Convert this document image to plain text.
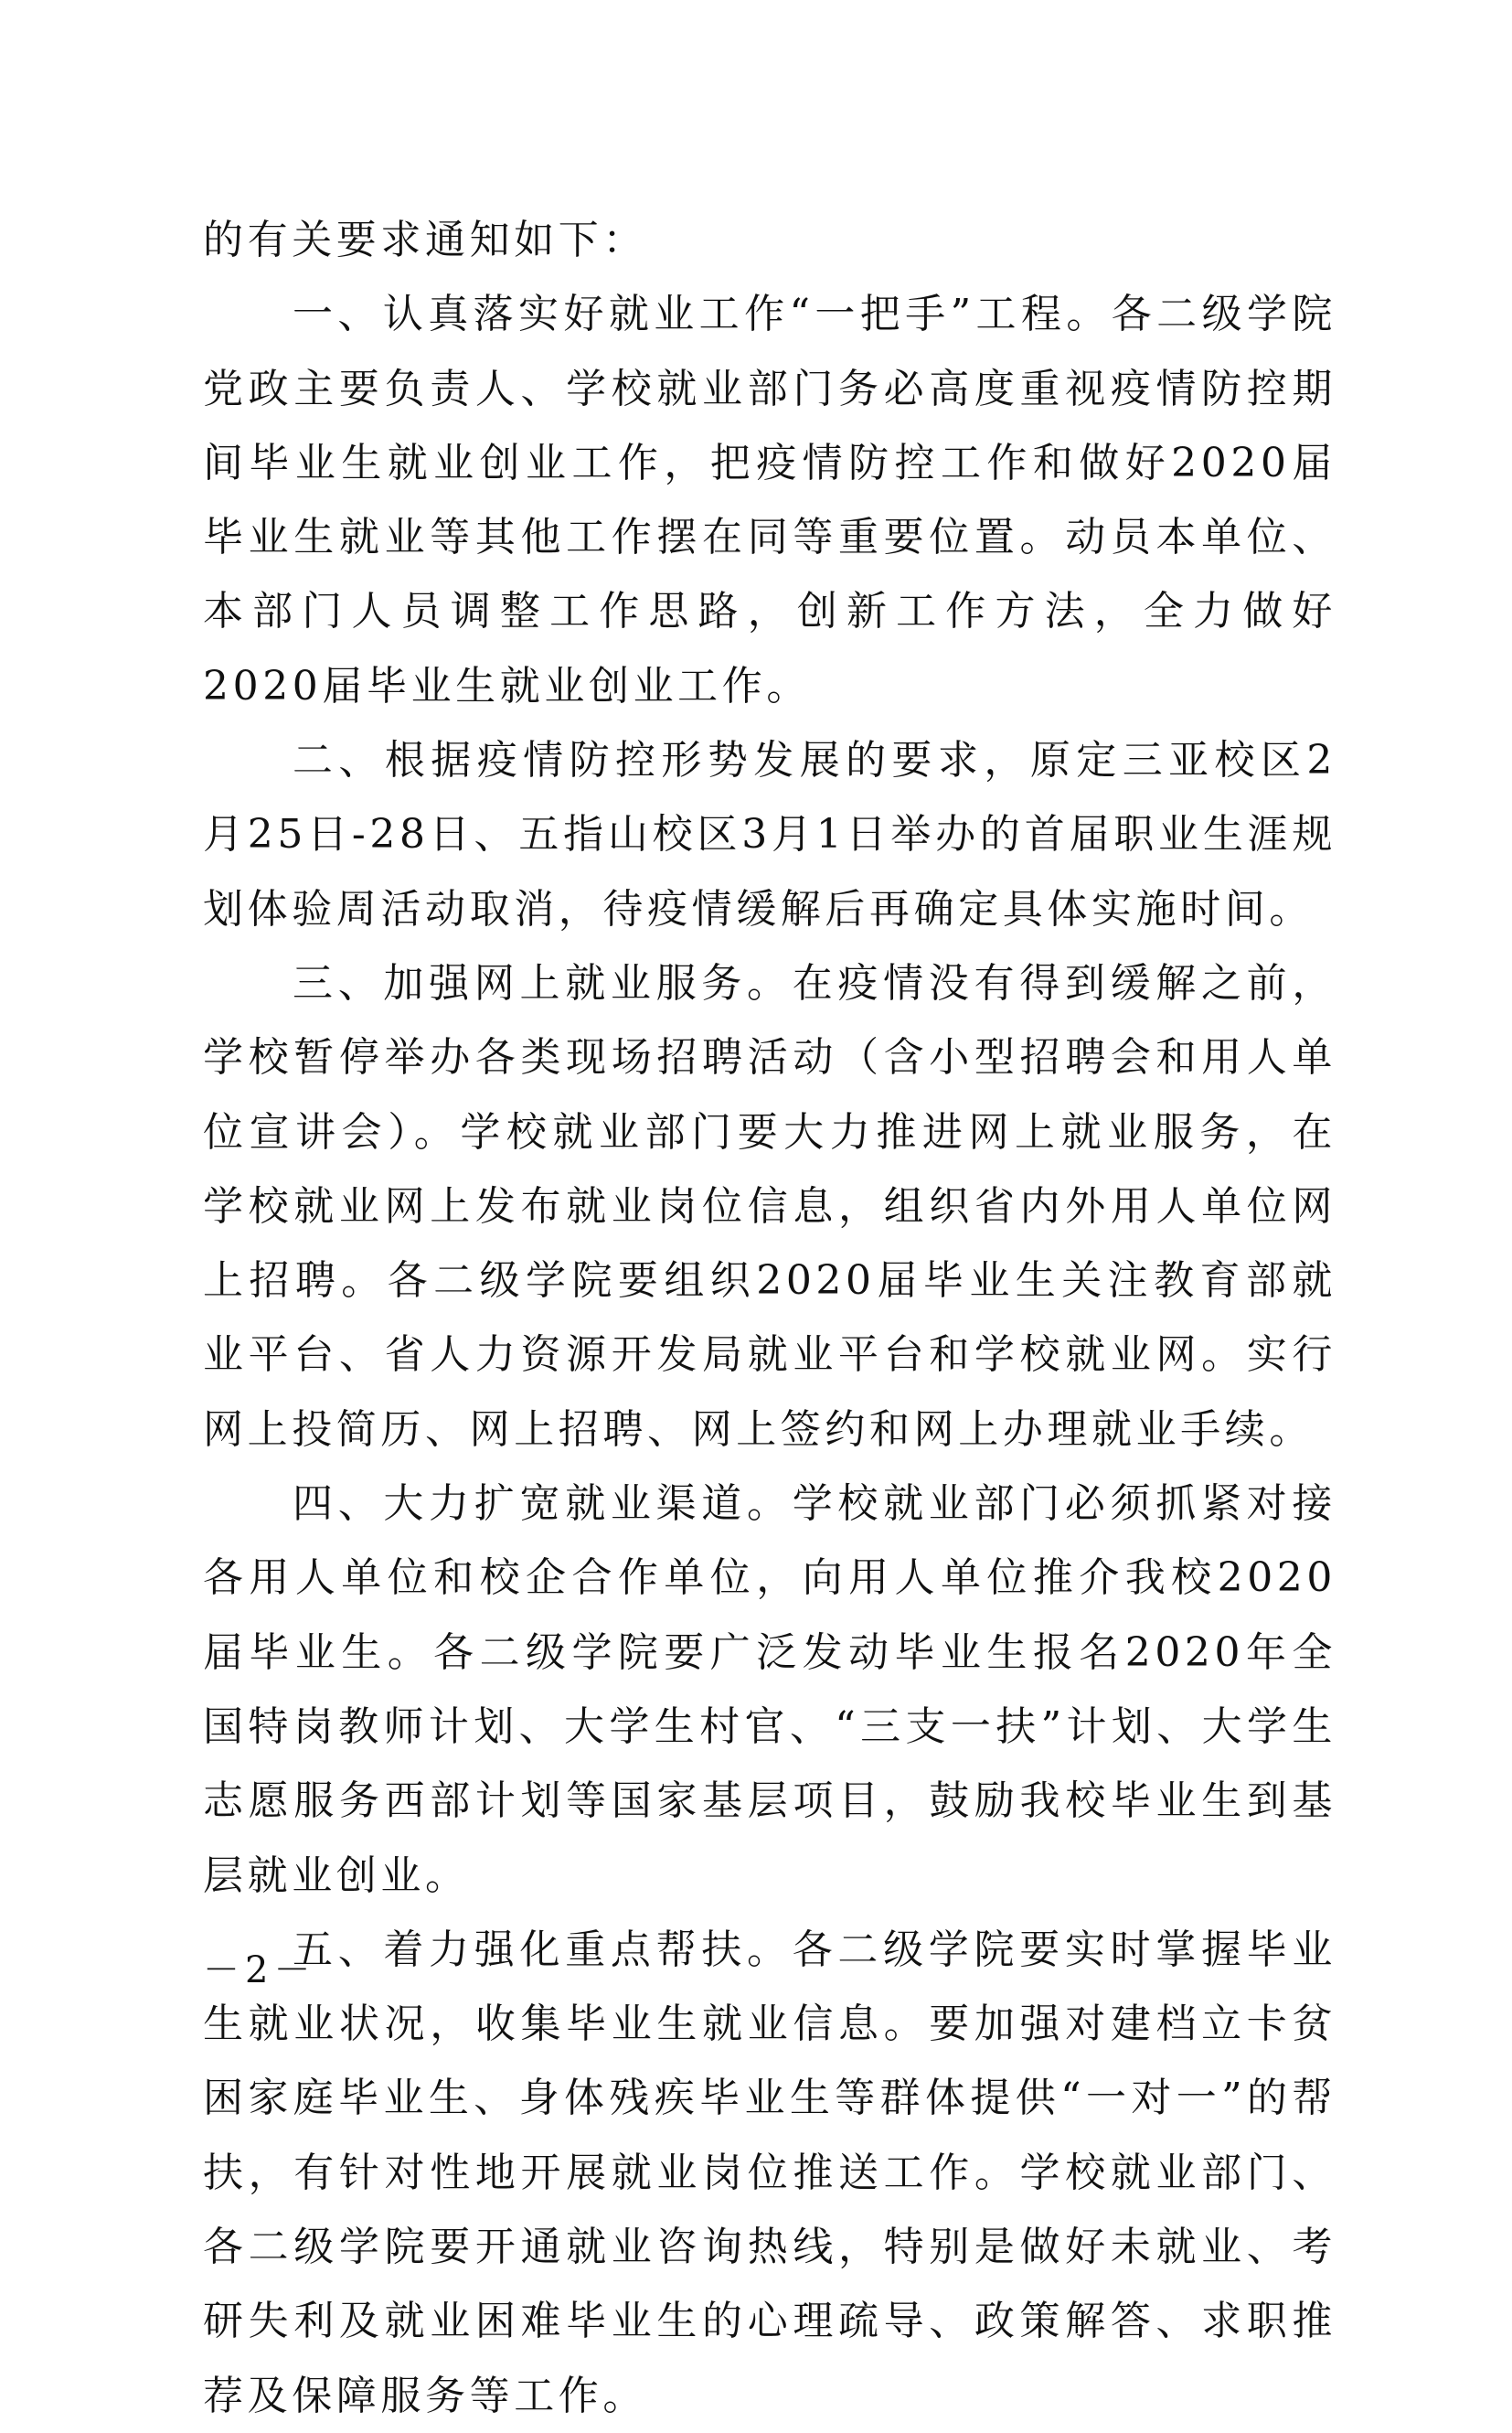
的有关要求通知如下：

一、认真落实好就业工作“一把手”工程。各二级学院党政主要负责人、学校就业部门务必高度重视疫情防控期间毕业生就业创业工作，把疫情防控工作和做好2020届毕业生就业等其他工作摆在同等重要位置。动员本单位、本部门人员调整工作思路，创新工作方法，全力做好2020届毕业生就业创业工作。

二、根据疫情防控形势发展的要求，原定三亚校区2月25日-28日、五指山校区3月1日举办的首届职业生涯规划体验周活动取消，待疫情缓解后再确定具体实施时间。

三、加强网上就业服务。在疫情没有得到缓解之前，学校暂停举办各类现场招聘活动（含小型招聘会和用人单位宣讲会）。学校就业部门要大力推进网上就业服务，在学校就业网上发布就业岗位信息，组织省内外用人单位网上招聘。各二级学院要组织2020届毕业生关注教育部就业平台、省人力资源开发局就业平台和学校就业网。实行网上投简历、网上招聘、网上签约和网上办理就业手续。

四、大力扩宽就业渠道。学校就业部门必须抓紧对接各用人单位和校企合作单位，向用人单位推介我校2020届毕业生。各二级学院要广泛发动毕业生报名2020年全国特岗教师计划、大学生村官、“三支一扶”计划、大学生志愿服务西部计划等国家基层项目，鼓励我校毕业生到基层就业创业。

五、着力强化重点帮扶。各二级学院要实时掌握毕业生就业状况，收集毕业生就业信息。要加强对建档立卡贫困家庭毕业生、身体残疾毕业生等群体提供“一对一”的帮扶，有针对性地开展就业岗位推送工作。学校就业部门、各二级学院要开通就业咨询热线，特别是做好未就业、考研失利及就业困难毕业生的心理疏导、政策解答、求职推荐及保障服务等工作。

－2－
